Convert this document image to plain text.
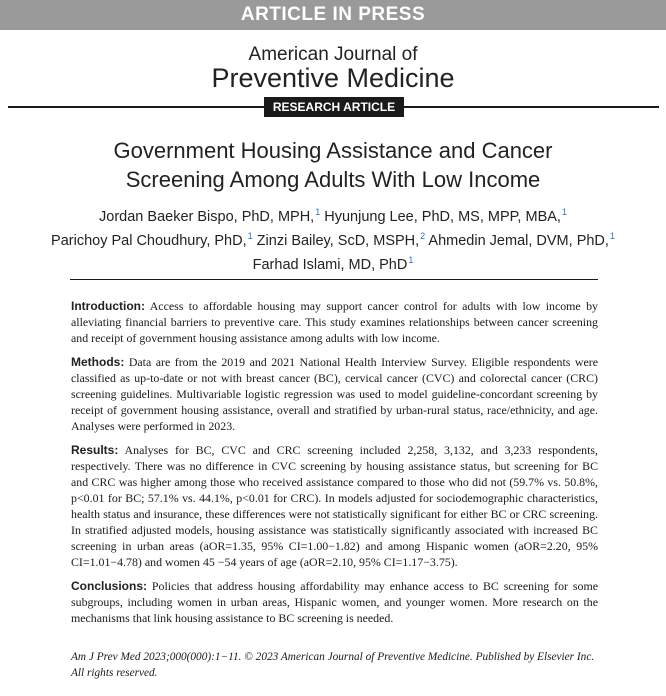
ARTICLE IN PRESS
American Journal of
Preventive Medicine
RESEARCH ARTICLE
Government Housing Assistance and Cancer
Screening Among Adults With Low Income
Jordan Baeker Bispo, PhD, MPH,$^1$ Hyunjung Lee, PhD, MS, MPP, MBA,$^1$
Parichoy Pal Choudhury, PhD,$^1$ Zinzi Bailey, ScD, MSPH,$^2$ Ahmedin Jemal, DVM, PhD,$^1$
Farhad Islami, MD, PhD$^1$

Introduction: Access to affordable housing may support cancer control for adults with low income by alleviating financial barriers to preventive care. This study examines relationships between cancer screening and receipt of government housing assistance among adults with low income.

Methods: Data are from the 2019 and 2021 National Health Interview Survey. Eligible respondents were classified as up-to-date or not with breast cancer (BC), cervical cancer (CVC) and colorectal cancer (CRC) screening guidelines. Multivariable logistic regression was used to model guideline-concordant screening by receipt of government housing assistance, overall and stratified by urban-rural status, race/ethnicity, and age. Analyses were performed in 2023.

Results: Analyses for BC, CVC and CRC screening included 2,258, 3,132, and 3,233 respondents, respectively. There was no difference in CVC screening by housing assistance status, but screening for BC and CRC was higher among those who received assistance compared to those who did not (59.7% vs. 50.8%, p<0.01 for BC; 57.1% vs. 44.1%, p<0.01 for CRC). In models adjusted for sociodemographic characteristics, health status and insurance, these differences were not statistically significant for either BC or CRC screening. In stratified adjusted models, housing assistance was statistically significantly associated with increased BC screening in urban areas (aOR=1.35, 95% CI=1.00−1.82) and among Hispanic women (aOR=2.20, 95% CI=1.01−4.78) and women 45 −54 years of age (aOR=2.10, 95% CI=1.17−3.75).

Conclusions: Policies that address housing affordability may enhance access to BC screening for some subgroups, including women in urban areas, Hispanic women, and younger women. More research on the mechanisms that link housing assistance to BC screening is needed.

Am J Prev Med 2023;000(000):1−11. © 2023 American Journal of Preventive Medicine. Published by Elsevier Inc. All rights reserved.
